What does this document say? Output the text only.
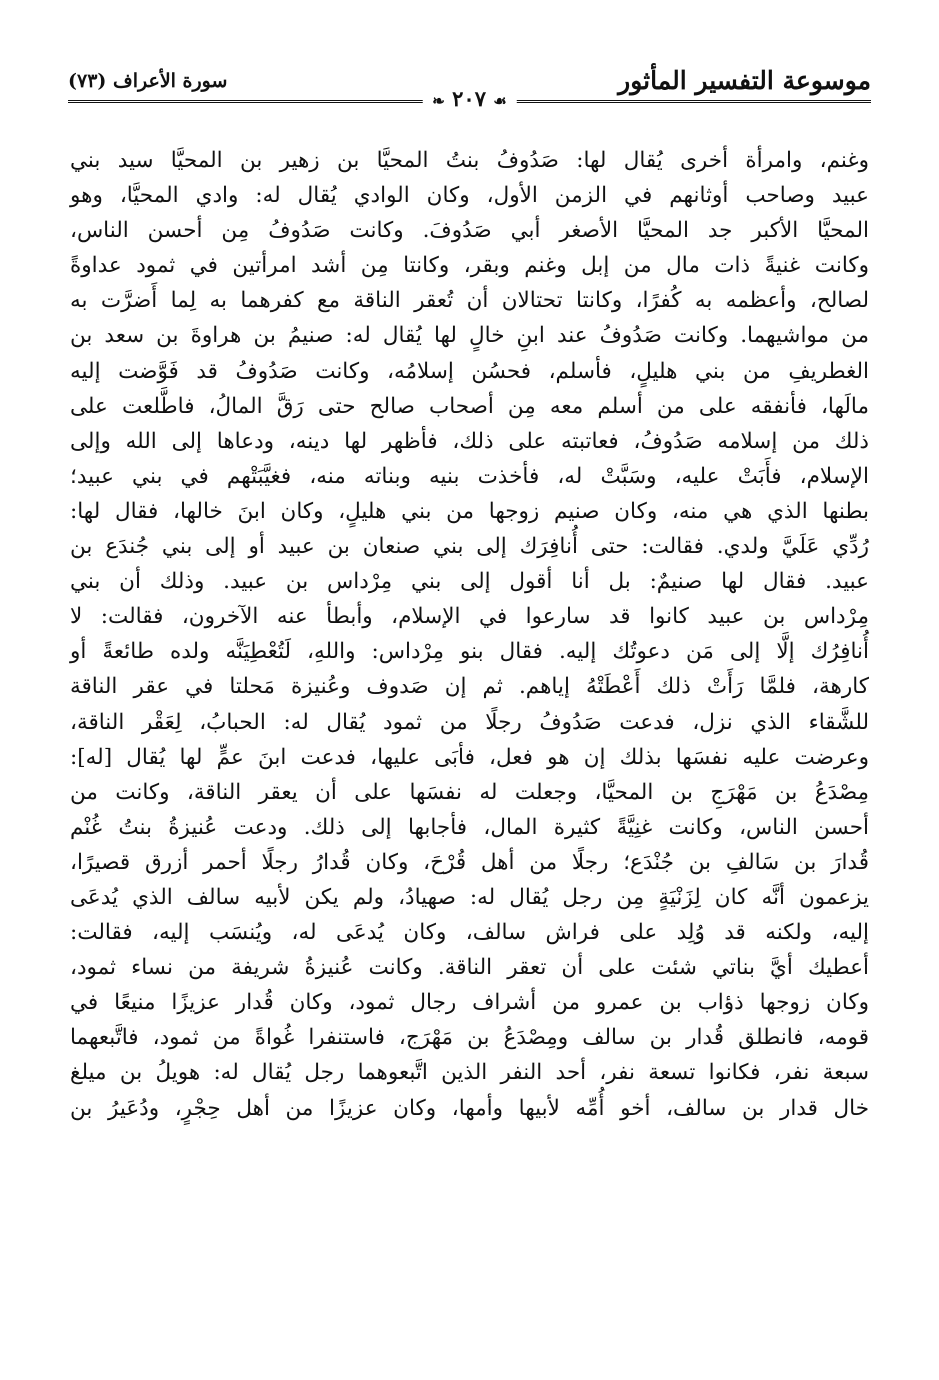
موسوعة التفسير المأثور
سورة الأعراف (٧٣)
☙ ٢٠٧ ❧
وغنم، وامرأة أخرى يُقال لها: صَدُوفُ بنتُ المحيَّا بن زهير بن المحيَّا سيد بني
عبيد وصاحب أوثانهم في الزمن الأول، وكان الوادي يُقال له: وادي المحيَّا، وهو
المحيَّا الأكبر جد المحيَّا الأصغر أبي صَدُوفَ. وكانت صَدُوفُ مِن أحسن الناس،
وكانت غنيةً ذات مال من إبل وغنم وبقر، وكانتا مِن أشد امرأتين في ثمود عداوةً
لصالح، وأعظمه به كُفرًا، وكانتا تحتالان أن تُعقر الناقة مع كفرهما به لِما أَضرَّت به
من مواشيهما. وكانت صَدُوفُ عند ابنِ خالٍ لها يُقال له: صنيمُ بن هراوةَ بن سعد بن
الغطريفِ من بني هليلٍ، فأسلم، فحسُن إسلامُه، وكانت صَدُوفُ قد فَوَّضت إليه
مالَها، فأنفقه على من أسلم معه مِن أصحاب صالح حتى رَقَّ المالُ، فاطَّلعت على
ذلك من إسلامه صَدُوفُ، فعاتبته على ذلك، فأظهر لها دينه، ودعاها إلى الله وإلى
الإسلام، فأَبَتْ عليه، وسَبَّتْ له، فأخذت بنيه وبناته منه، فغيَّبَتْهم في بني عبيد؛
بطنها الذي هي منه، وكان صنيم زوجها من بني هليلٍ، وكان ابنَ خالها، فقال لها:
رُدِّي عَلَيَّ ولدي. فقالت: حتى أُنافِرَك إلى بني صنعان بن عبيد أو إلى بني جُندَع بن
عبيد. فقال لها صنيمٌ: بل أنا أقول إلى بني مِرْداس بن عبيد. وذلك أن بني
مِرْداس بن عبيد كانوا قد سارعوا في الإسلام، وأبطأ عنه الآخرون، فقالت: لا
أُنافِرُك إلَّا إلى مَن دعوتُك إليه. فقال بنو مِرْداس: واللهِ، لَتُعْطِيَنَّه ولده طائعةً أو
كارهة، فلمَّا رَأَتْ ذلك أَعْطَتْهُ إياهم. ثم إن صَدوف وعُنيزة مَحلتا في عقر الناقة
للشَّقاء الذي نزل، فدعت صَدُوفُ رجلًا من ثمود يُقال له: الحبابُ، لِعَقْر الناقة،
وعرضت عليه نفسَها بذلك إن هو فعل، فأبَى عليها، فدعت ابنَ عمٍّ لها يُقال [له]:
مِصْدَعُ بن مَهْرَجِ بن المحيَّا، وجعلت له نفسَها على أن يعقر الناقة، وكانت من
أحسن الناس، وكانت غنِيَّةً كثيرة المال، فأجابها إلى ذلك. ودعت عُنيزةُ بنتُ غُنْم
قُدارَ بن سَالفِ بن جُنْدَع؛ رجلًا من أهل قُرْحَ، وكان قُدارُ رجلًا أحمر أزرق قصيرًا،
يزعمون أنَّه كان لِزَنْيَةٍ مِن رجل يُقال له: صهيادُ، ولم يكن لأبيه سالف الذي يُدعَى
إليه، ولكنه قد وُلِد على فراش سالف، وكان يُدعَى له، ويُنسَب إليه، فقالت:
أعطيك أيَّ بناتي شئت على أن تعقر الناقة. وكانت عُنيزةُ شريفة من نساء ثمود،
وكان زوجها ذؤاب بن عمرو من أشراف رجال ثمود، وكان قُدار عزيزًا منيعًا في
قومه، فانطلق قُدار بن سالف ومِصْدَعُ بن مَهْرَج، فاستنفرا غُواةً من ثمود، فاتَّبعهما
سبعة نفر، فكانوا تسعة نفر، أحد النفر الذين اتَّبعوهما رجل يُقال له: هويلُ بن ميلغ
خال قدار بن سالف، أخو أُمِّه لأبيها وأمها، وكان عزيزًا من أهل حِجْرٍ، ودُعَيرُ بن
